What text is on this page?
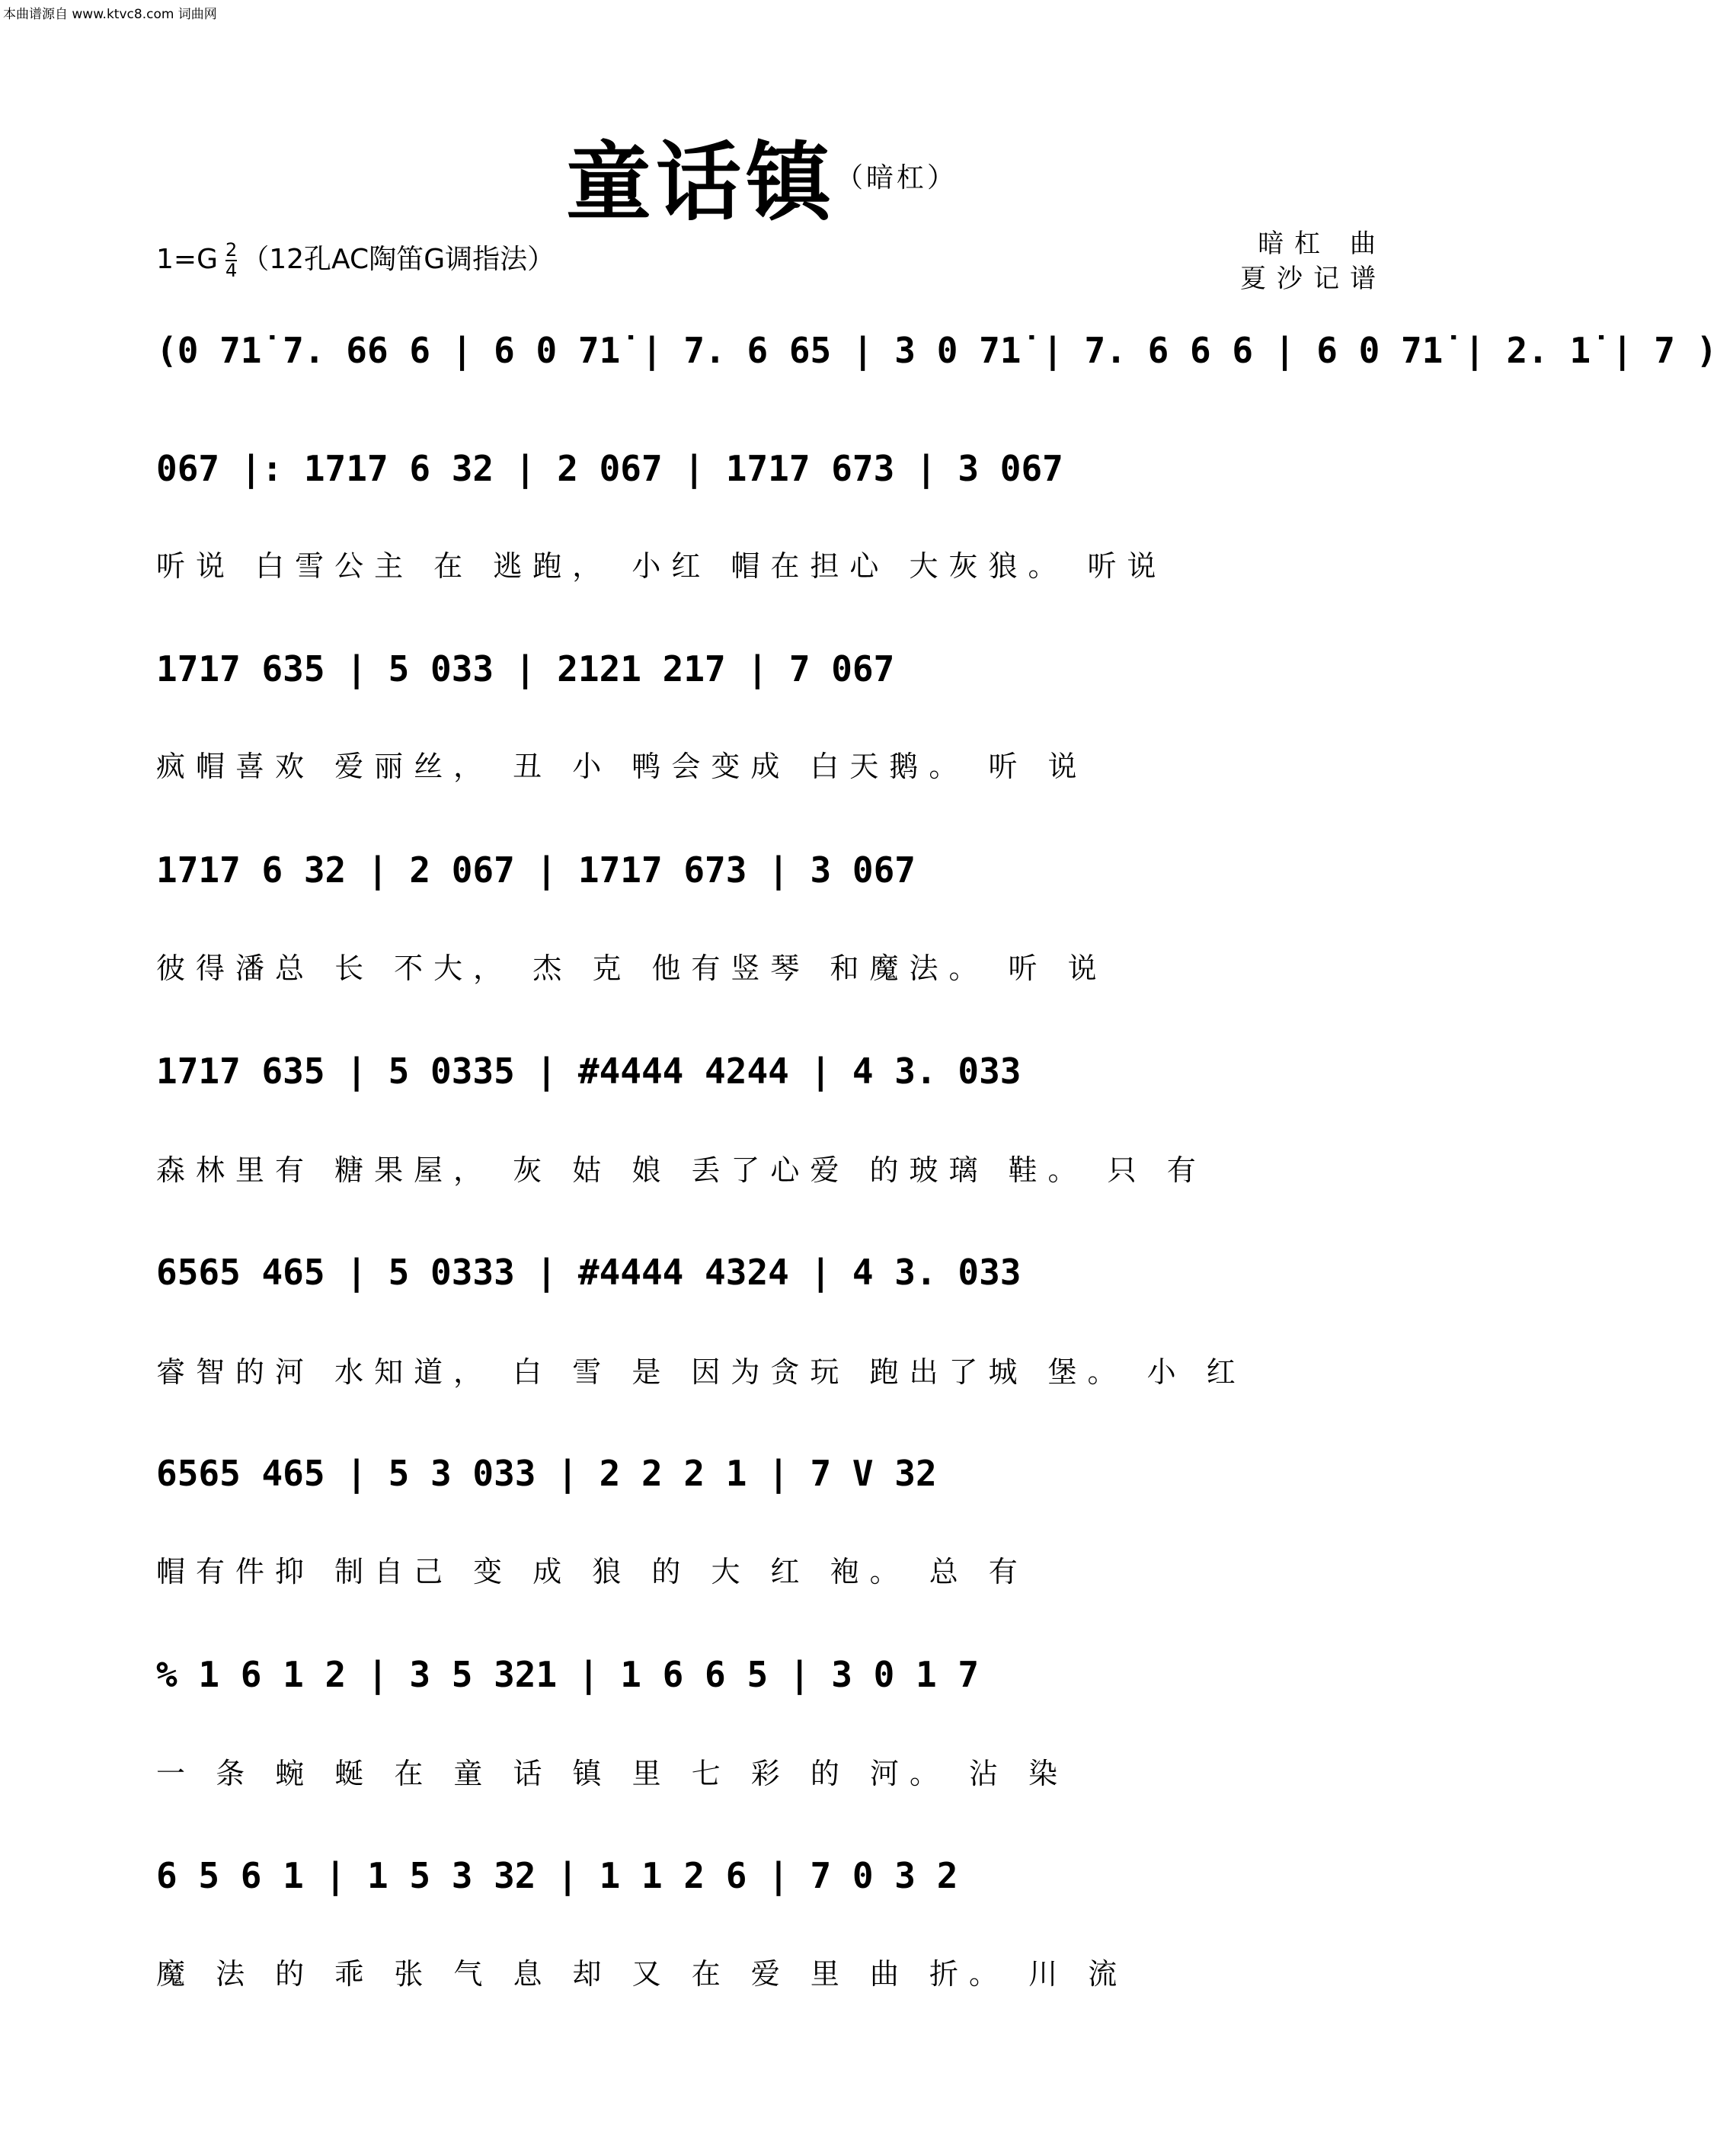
本曲谱源自 www.ktvc8.com 词曲网
童话镇（暗杠）
$1=G \frac{2}{4} (12$孔AC陶笛G调指法）	暗杠 曲
夏沙记谱
(0 71̇ 7. 66 6 | 6 0 71̇ | 7. 6 65 | 3 0 71̇ | 7. 6 6 6 | 6 0 71̇ | 2. 1̇ | 7 )
067 |: 1717 6 32 | 2 067 | 1717 673 | 3 067
听说 白雪公主 在 逃跑， 小红 帽在担心 大灰狼。 听说
1717 635 | 5 033 | 2121 217 | 7 067
疯帽喜欢 爱丽丝， 丑 小 鸭会变成 白天鹅。 听 说
1717 6 32 | 2 067 | 1717 673 | 3 067
彼得潘总 长 不大， 杰 克 他有竖琴 和魔法。 听 说
1717 635 | 5 0335 | #4444 4244 | 4 3. 033
森林里有 糖果屋， 灰 姑 娘 丢了心爱 的玻璃 鞋。 只 有
6565 465 | 5 0333 | #4444 4324 | 4 3. 033
睿智的河 水知道， 白 雪 是 因为贪玩 跑出了城 堡。 小 红
6565 465 | 5 3 033 | 2 2 2 1 | 7 V 32
帽有件抑 制自己 变 成 狼 的 大 红 袍。 总 有
% 1 6 1 2 | 3 5 321 | 1 6 6 5 | 3 0 1 7
一 条 蜿 蜒 在 童 话 镇 里 七 彩 的 河。 沾 染
6 5 6 1 | 1 5 3 32 | 1 1 2 6 | 7 0 3 2
魔 法 的 乖 张 气 息 却 又 在 爱 里 曲 折。 川 流
